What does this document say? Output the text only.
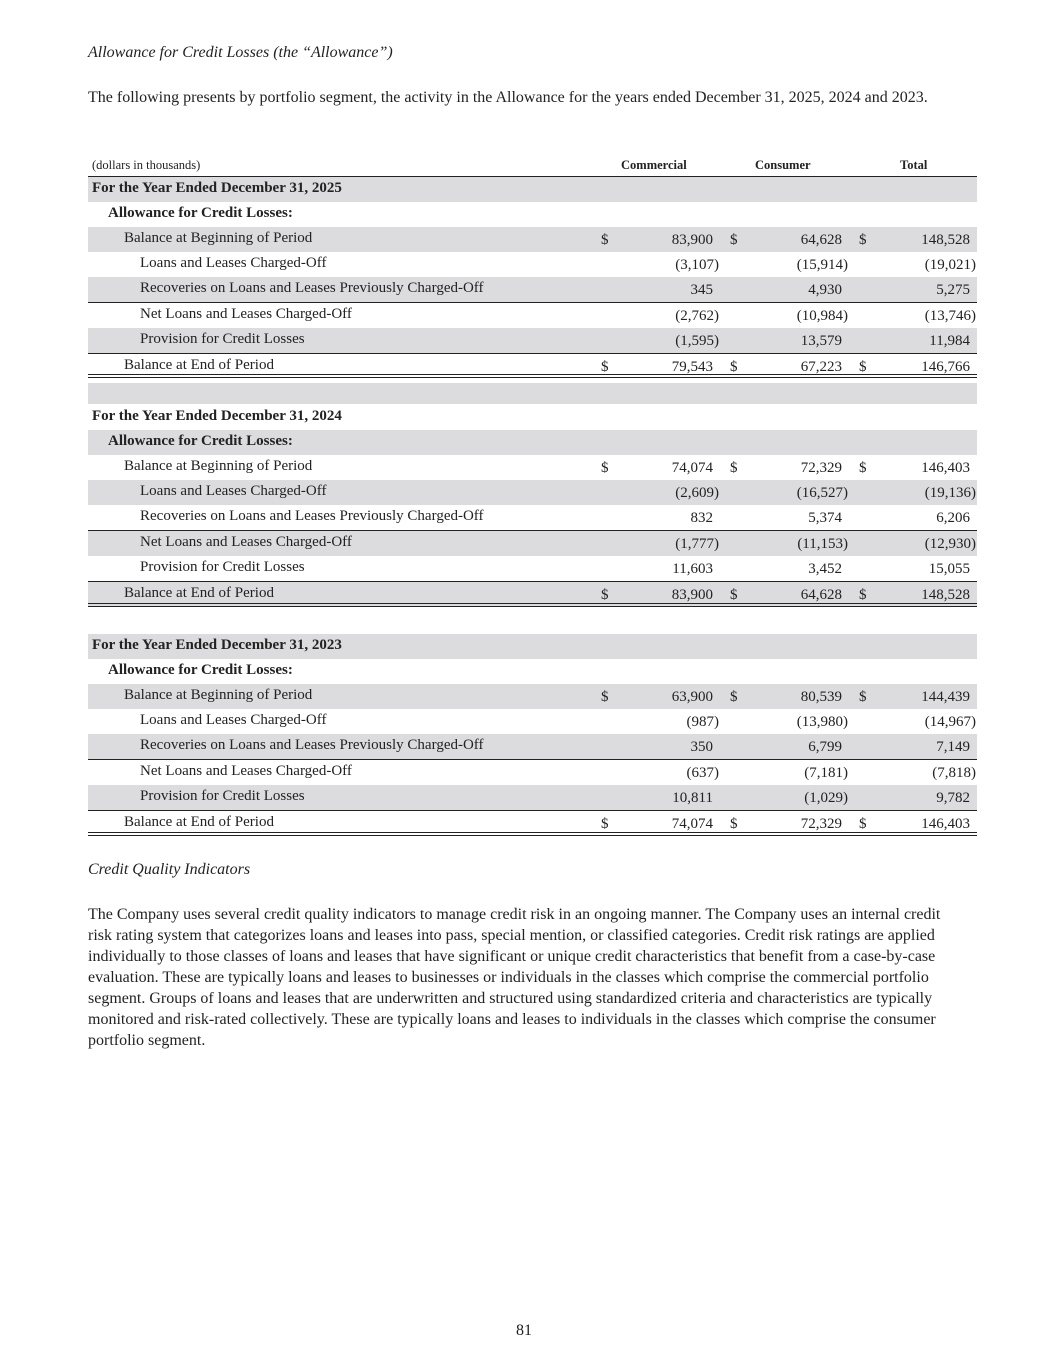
Allowance for Credit Losses (the “Allowance”)
The following presents by portfolio segment, the activity in the Allowance for the years ended December 31, 2025, 2024 and 2023.
(dollars in thousands)	Commercial	Consumer	Total
For the Year Ended December 31, 2025
Allowance for Credit Losses:
Balance at Beginning of Period	$	83,900 $	64,628 $	148,528
Loans and Leases Charged-Off	(3,107)	(15,914)	(19,021)
Recoveries on Loans and Leases Previously Charged-Off	345	4,930	5,275
Net Loans and Leases Charged-Off	(2,762)	(10,984)	(13,746)
Provision for Credit Losses	(1,595)	13,579	11,984
Balance at End of Period	$	79,543 $	67,223 $	146,766
For the Year Ended December 31, 2024
Allowance for Credit Losses:
Balance at Beginning of Period	$	74,074 $	72,329 $	146,403
Loans and Leases Charged-Off	(2,609)	(16,527)	(19,136)
Recoveries on Loans and Leases Previously Charged-Off	832	5,374	6,206
Net Loans and Leases Charged-Off	(1,777)	(11,153)	(12,930)
Provision for Credit Losses	11,603	3,452	15,055
Balance at End of Period	$	83,900 $	64,628 $	148,528
For the Year Ended December 31, 2023
Allowance for Credit Losses:
Balance at Beginning of Period	$	63,900 $	80,539 $	144,439
Loans and Leases Charged-Off	(987)	(13,980)	(14,967)
Recoveries on Loans and Leases Previously Charged-Off	350	6,799	7,149
Net Loans and Leases Charged-Off	(637)	(7,181)	(7,818)
Provision for Credit Losses	10,811	(1,029)	9,782
Balance at End of Period	$	74,074 $	72,329 $	146,403
Credit Quality Indicators
The Company uses several credit quality indicators to manage credit risk in an ongoing manner. The Company uses an internal credit risk rating system that categorizes loans and leases into pass, special mention, or classified categories. Credit risk ratings are applied individually to those classes of loans and leases that have significant or unique credit characteristics that benefit from a case-by-case evaluation. These are typically loans and leases to businesses or individuals in the classes which comprise the commercial portfolio segment. Groups of loans and leases that are underwritten and structured using standardized criteria and characteristics are typically monitored and risk-rated collectively. These are typically loans and leases to individuals in the classes which comprise the consumer portfolio segment.
81
